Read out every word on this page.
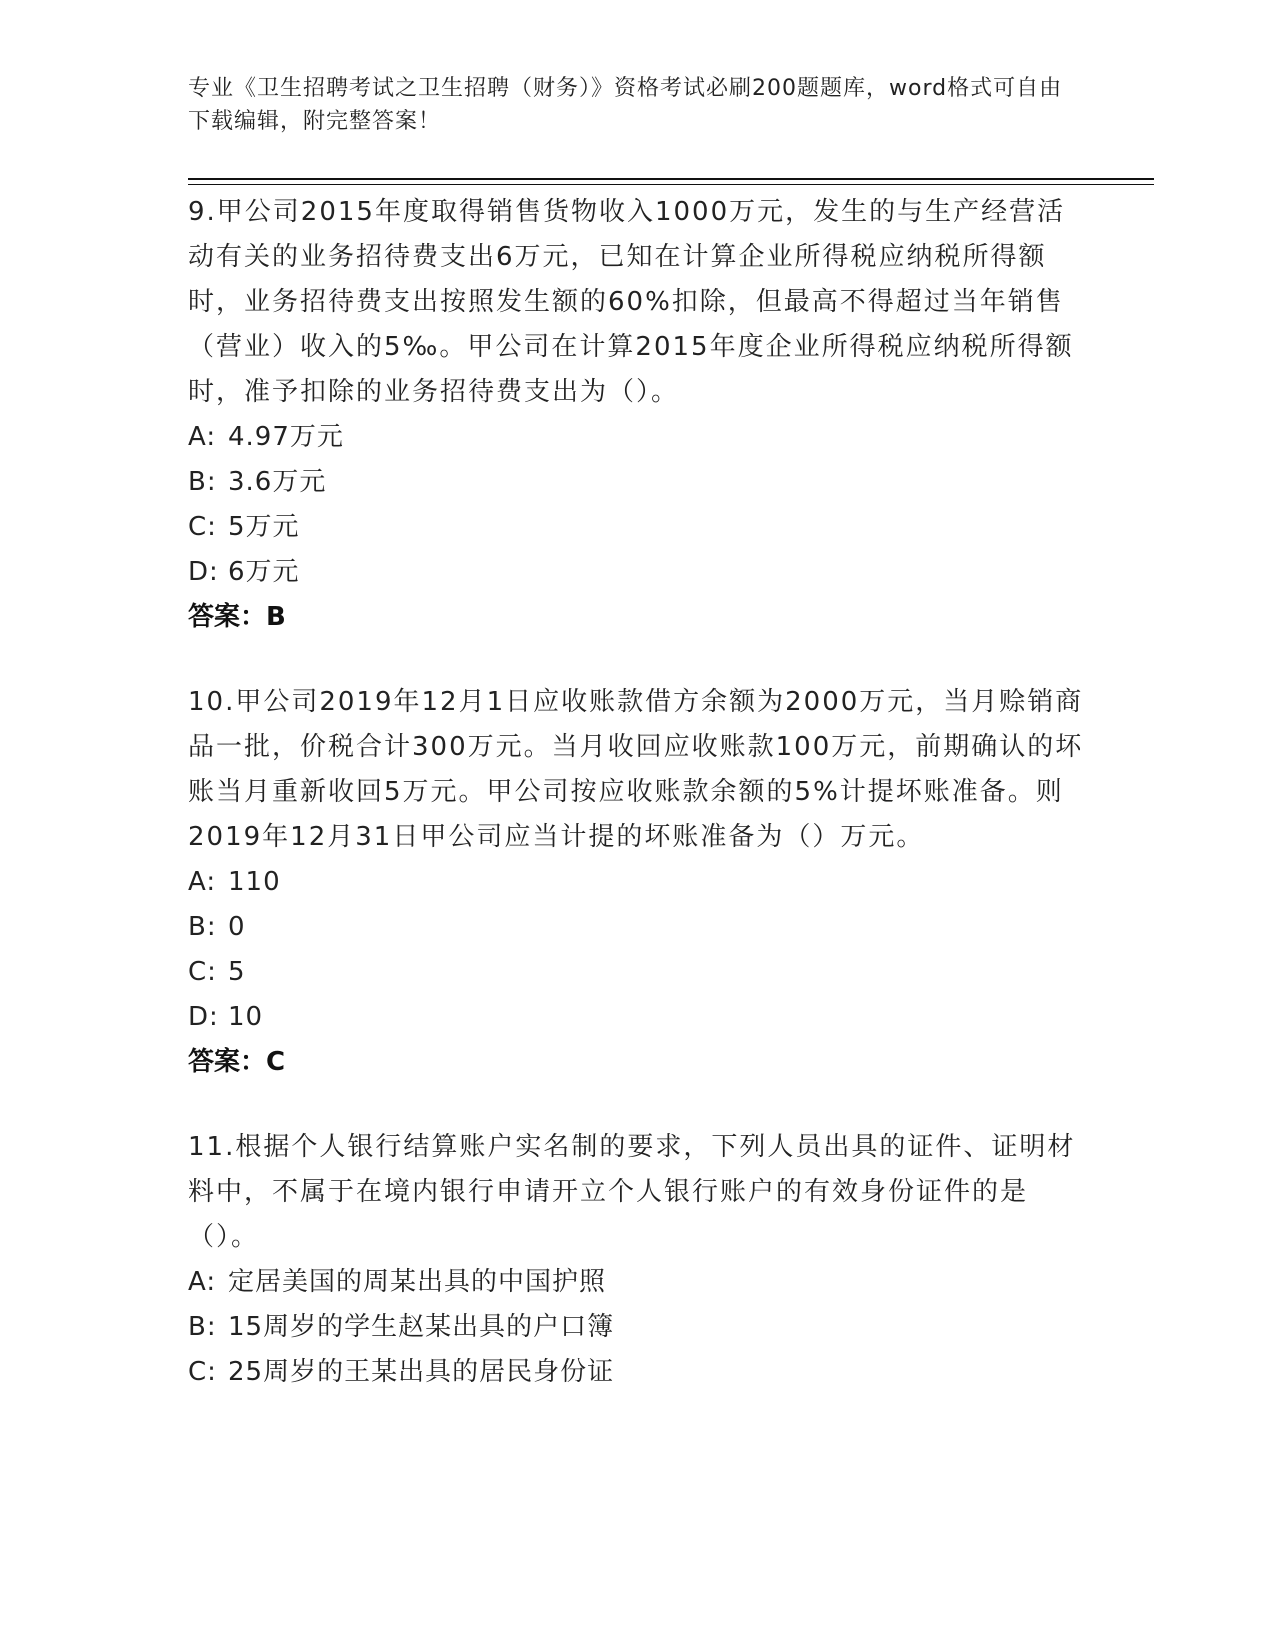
专业《卫生招聘考试之卫生招聘（财务）》资格考试必刷200题题库，word格式可自由下载编辑，附完整答案！

9.甲公司2015年度取得销售货物收入1000万元，发生的与生产经营活动有关的业务招待费支出6万元，已知在计算企业所得税应纳税所得额时，业务招待费支出按照发生额的60%扣除，但最高不得超过当年销售（营业）收入的5‰。甲公司在计算2015年度企业所得税应纳税所得额时，准予扣除的业务招待费支出为（）。

A: 4.97万元

B: 3.6万元

C: 5万元

D: 6万元

答案：B

10.甲公司2019年12月1日应收账款借方余额为2000万元，当月赊销商品一批，价税合计300万元。当月收回应收账款100万元，前期确认的坏账当月重新收回5万元。甲公司按应收账款余额的5%计提坏账准备。则2019年12月31日甲公司应当计提的坏账准备为（）万元。

A: 110

B: 0

C: 5

D: 10

答案：C

11.根据个人银行结算账户实名制的要求，下列人员出具的证件、证明材料中，不属于在境内银行申请开立个人银行账户的有效身份证件的是（）。

A: 定居美国的周某出具的中国护照

B: 15周岁的学生赵某出具的户口簿

C: 25周岁的王某出具的居民身份证
